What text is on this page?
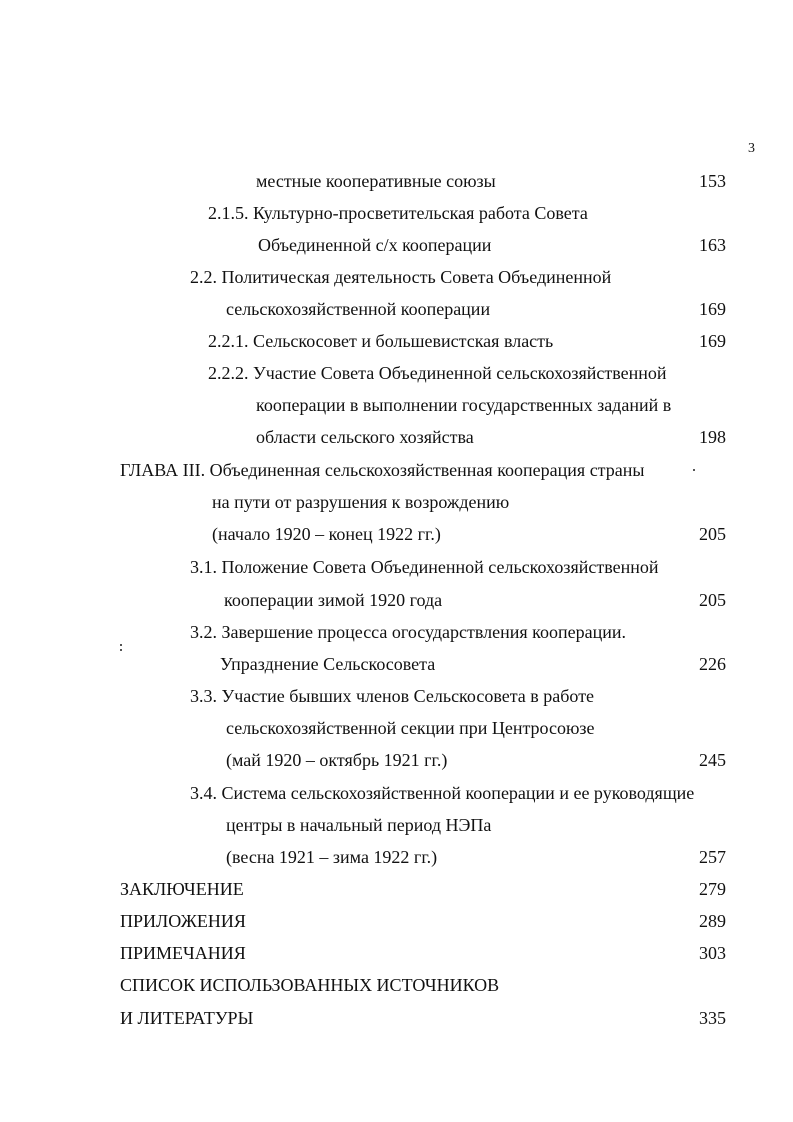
3
местные кооперативные союзы	153
2.1.5. Культурно-просветительская работа Совета
Объединенной с/х кооперации	163
2.2. Политическая деятельность Совета Объединенной
сельскохозяйственной кооперации	169
2.2.1. Сельскосовет и большевистская власть	169
2.2.2. Участие Совета Объединенной сельскохозяйственной
кооперации в выполнении государственных заданий в
области сельского хозяйства	198
ГЛАВА III. Объединенная сельскохозяйственная кооперация страны
на пути от разрушения к возрождению
(начало 1920 – конец 1922 гг.)	205
3.1. Положение Совета Объединенной сельскохозяйственной
кооперации зимой 1920 года	205
3.2. Завершение процесса огосударствления кооперации.
Упразднение Сельскосовета	226
3.3. Участие бывших членов Сельскосовета в работе
сельскохозяйственной секции при Центросоюзе
(май 1920 – октябрь 1921 гг.)	245
3.4. Система сельскохозяйственной кооперации и ее руководящие
центры в начальный период НЭПа
(весна 1921 – зима 1922 гг.)	257
ЗАКЛЮЧЕНИЕ	279
ПРИЛОЖЕНИЯ	289
ПРИМЕЧАНИЯ	303
СПИСОК ИСПОЛЬЗОВАННЫХ ИСТОЧНИКОВ
И ЛИТЕРАТУРЫ	335
